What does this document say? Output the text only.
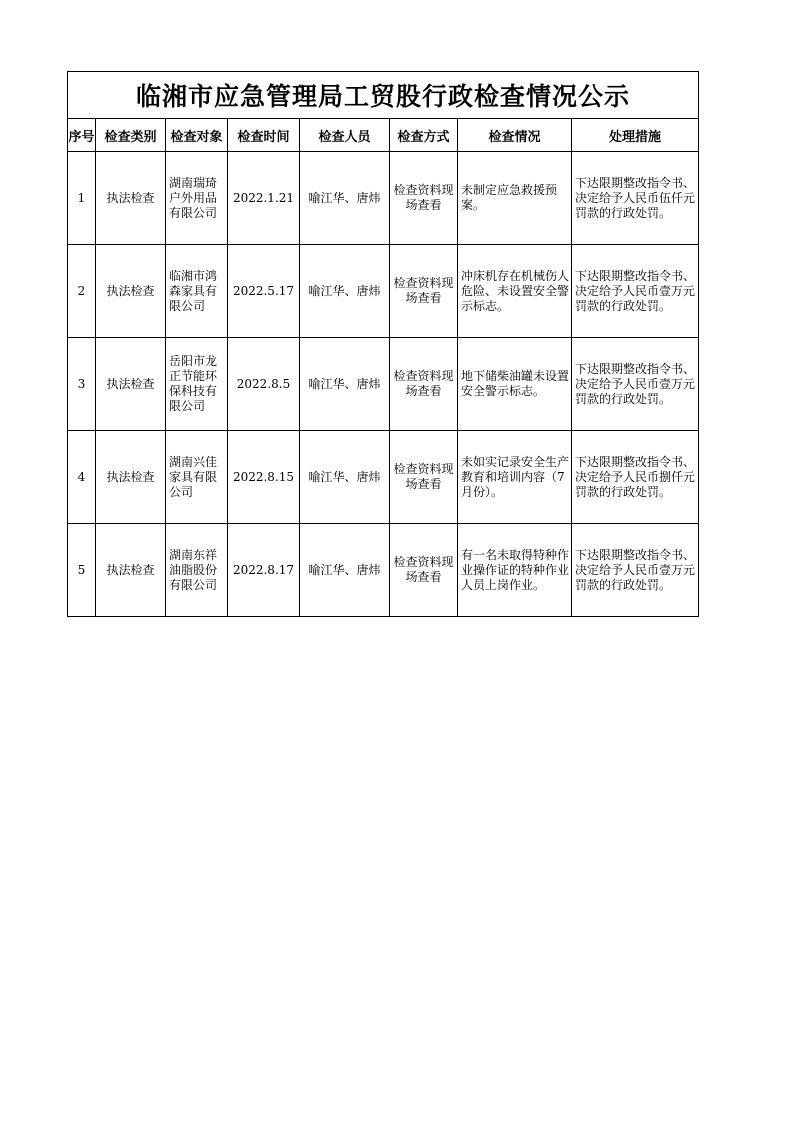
临湘市应急管理局工贸股行政检查情况公示							
序号	检查类别	检查对象	检查时间	检查人员	检查方式	检查情况	处理措施
1	执法检查	湖南瑞琦户外用品有限公司	2022.1.21	喻江华、唐炜	检查资料现场查看	未制定应急救援预案。	下达限期整改指令书、
决定给予人民币伍仟元罚款的行政处罚。

2	执法检查	临湘市鸿森家具有限公司	2022.5.17	喻江华、唐炜	检查资料现场查看	冲床机存在机械伤人危险、未设置安全警示标志。	下达限期整改指令书、
决定给予人民币壹万元罚款的行政处罚。

3	执法检查	岳阳市龙正节能环保科技有限公司	2022.8.5	喻江华、唐炜	检查资料现场查看	地下储柴油罐未设置安全警示标志。	下达限期整改指令书、
决定给予人民币壹万元罚款的行政处罚。

4	执法检查	湖南兴佳家具有限公司	2022.8.15	喻江华、唐炜	检查资料现场查看	未如实记录安全生产教育和培训内容（7 月份）。	下达限期整改指令书、
决定给予人民币捌仟元罚款的行政处罚。

5	执法检查	湖南东祥油脂股份有限公司	2022.8.17	喻江华、唐炜	检查资料现场查看	有一名未取得特种作业操作证的特种作业人员上岗作业。	下达限期整改指令书、
决定给予人民币壹万元罚款的行政处罚。
